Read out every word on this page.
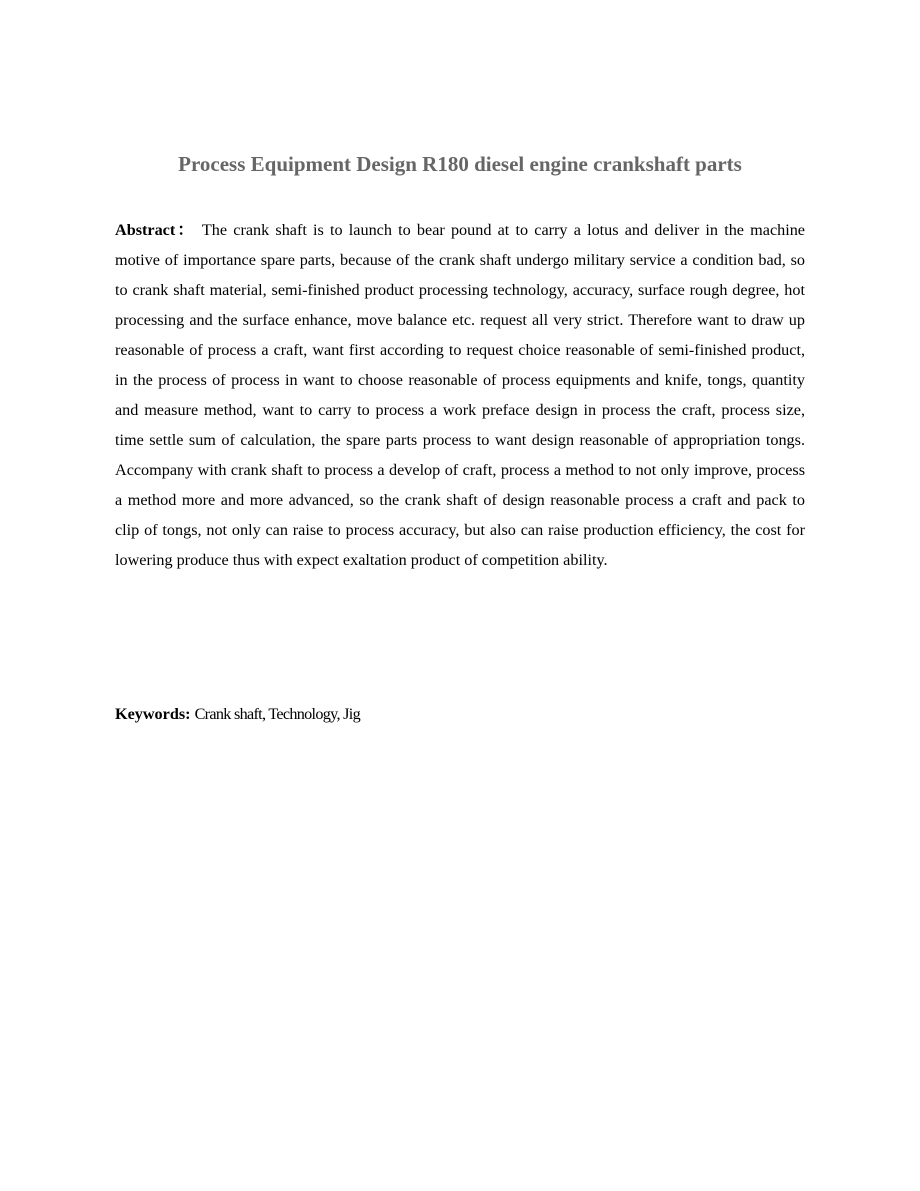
Process Equipment Design R180 diesel engine crankshaft parts

Abstract： The crank shaft is to launch to bear pound at to carry a lotus and deliver in the machine motive of importance spare parts, because of the crank shaft undergo military service a condition bad, so to crank shaft material, semi-finished product processing technology, accuracy, surface rough degree, hot processing and the surface enhance, move balance etc. request all very strict. Therefore want to draw up reasonable of process a craft, want first according to request choice reasonable of semi-finished product, in the process of process in want to choose reasonable of process equipments and knife, tongs, quantity and measure method, want to carry to process a work preface design in process the craft, process size, time settle sum of calculation, the spare parts process to want design reasonable of appropriation tongs. Accompany with crank shaft to process a develop of craft, process a method to not only improve, process a method more and more advanced, so the crank shaft of design reasonable process a craft and pack to clip of tongs, not only can raise to process accuracy, but also can raise production efficiency, the cost for lowering produce thus with expect exaltation product of competition ability.

Keywords: Crank shaft, Technology, Jig
